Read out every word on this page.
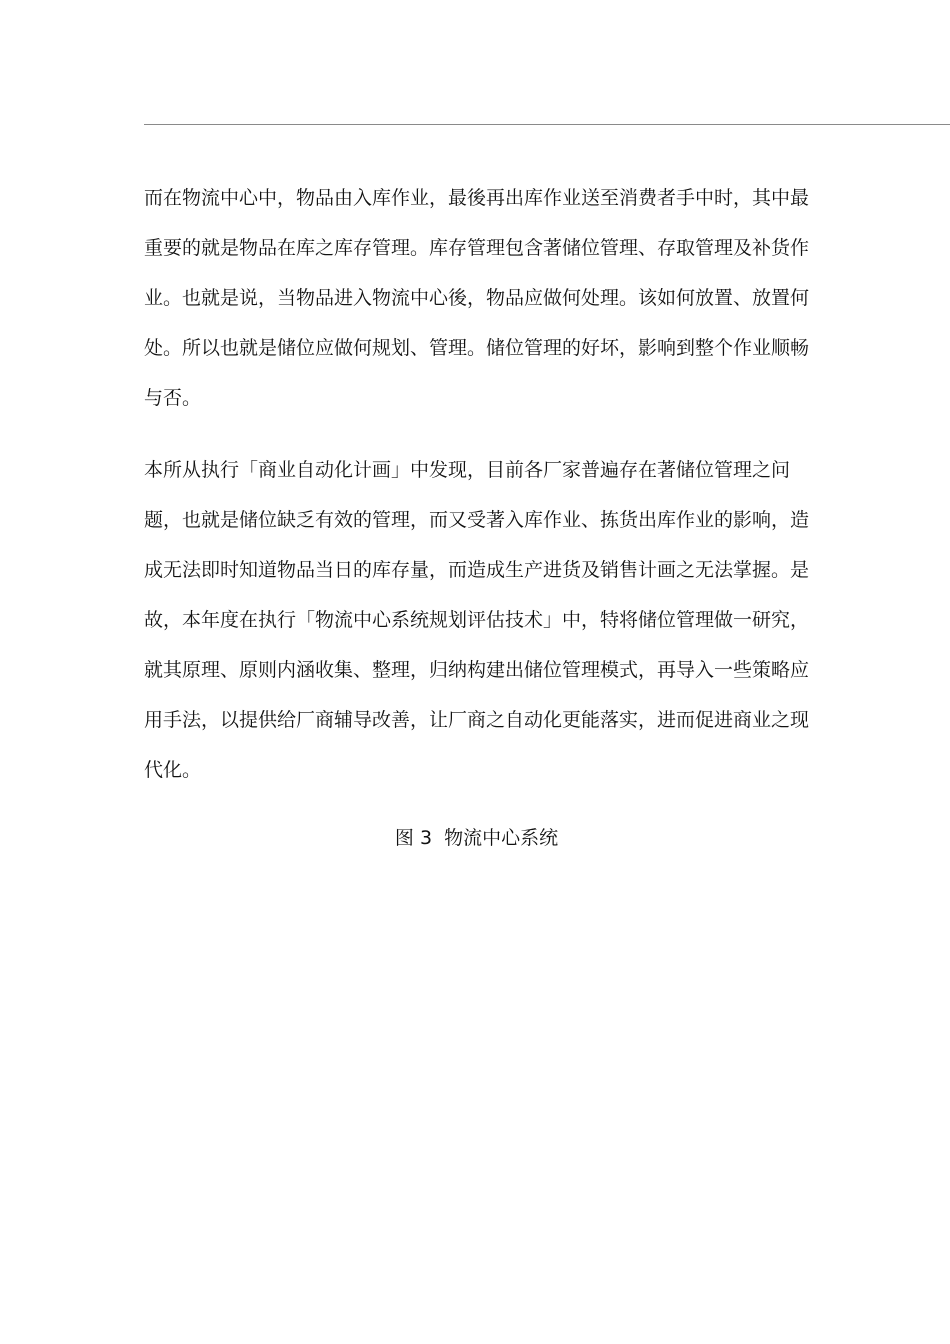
而在物流中心中，物品由入库作业，最後再出库作业送至消费者手中时，其中最重要的就是物品在库之库存管理。库存管理包含著储位管理、存取管理及补货作业。也就是说，当物品进入物流中心後，物品应做何处理。该如何放置、放置何处。所以也就是储位应做何规划、管理。储位管理的好坏，影响到整个作业顺畅与否。

本所从执行「商业自动化计画」中发现，目前各厂家普遍存在著储位管理之问题，也就是储位缺乏有效的管理，而又受著入库作业、拣货出库作业的影响，造成无法即时知道物品当日的库存量，而造成生产进货及销售计画之无法掌握。是故，本年度在执行「物流中心系统规划评估技术」中，特将储位管理做一研究，就其原理、原则内涵收集、整理，归纳构建出储位管理模式，再导入一些策略应用手法，以提供给厂商辅导改善，让厂商之自动化更能落实，进而促进商业之现代化。

图 3 物流中心系统
